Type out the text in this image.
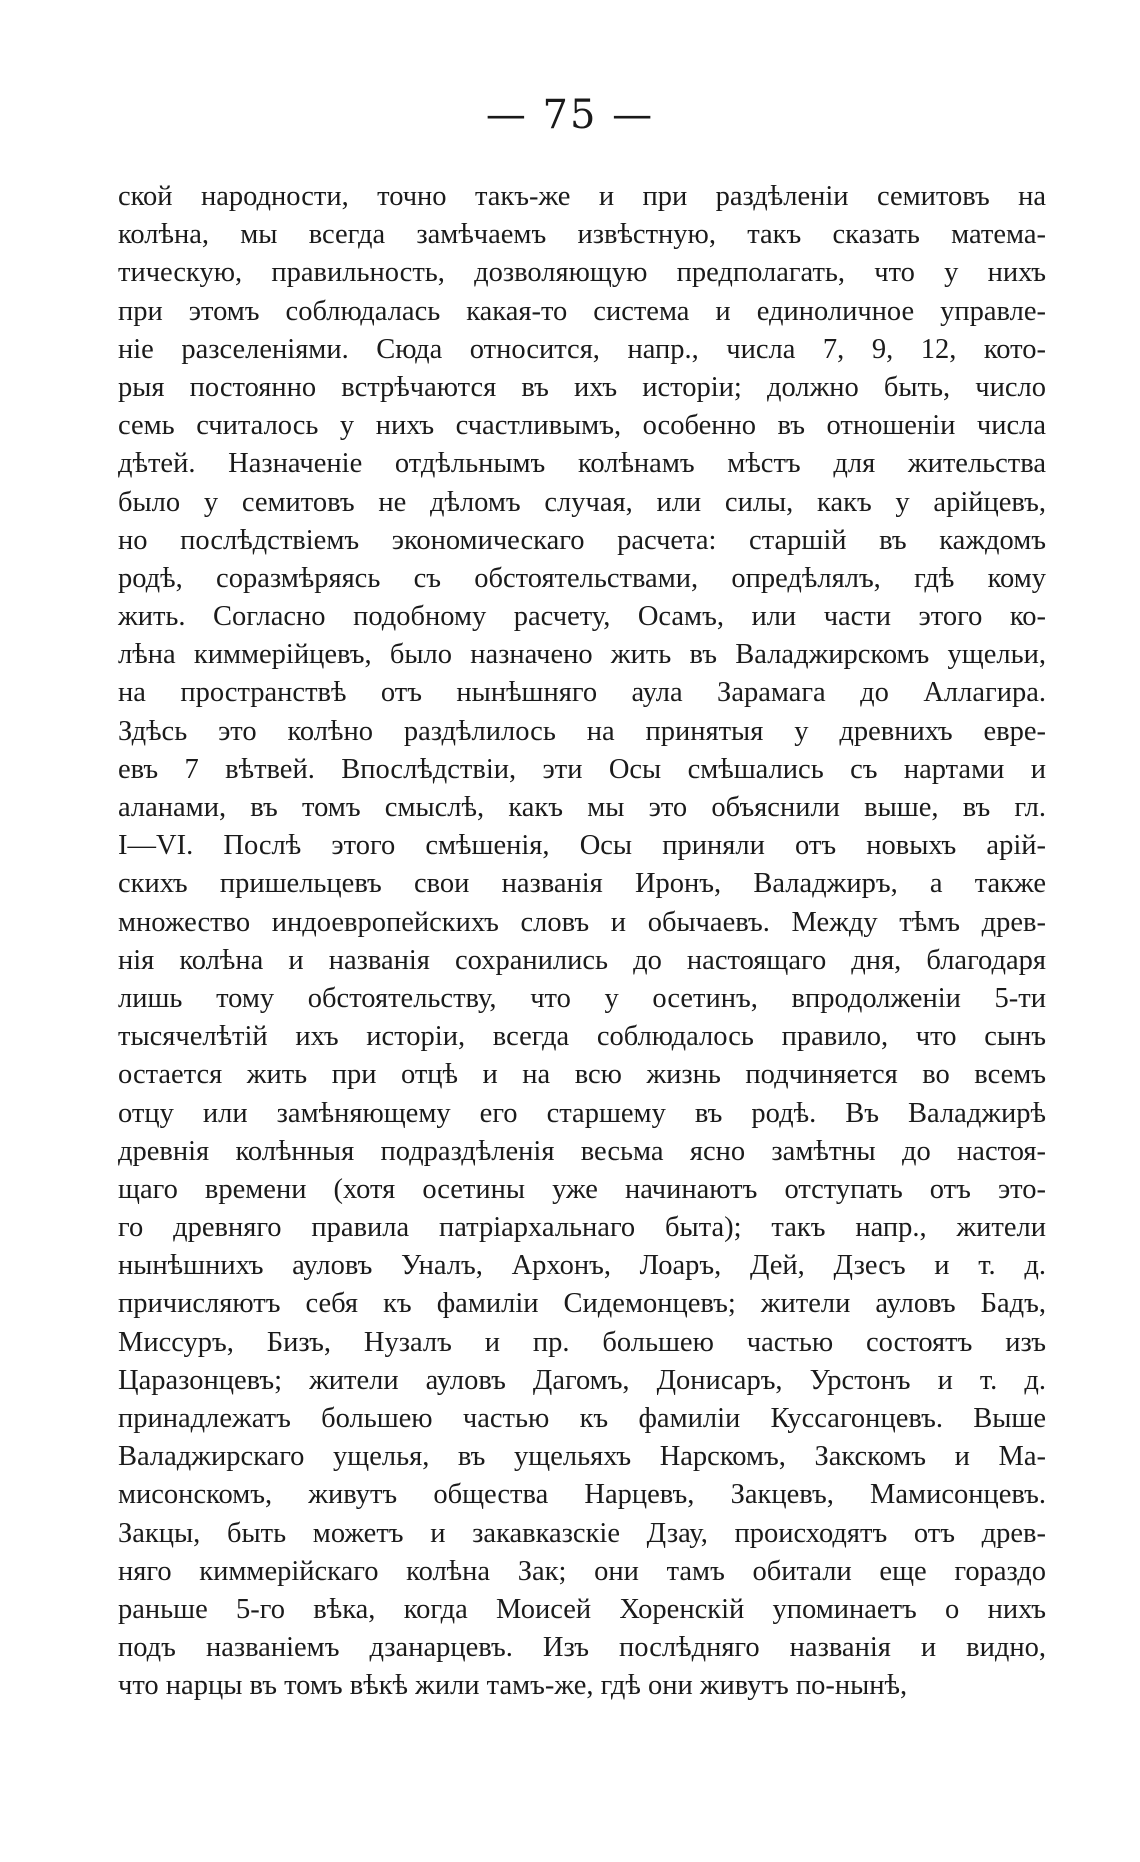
— 75 —
ской народности, точно такъ-же и при раздѣленіи семитовъ на
колѣна, мы всегда замѣчаемъ извѣстную, такъ сказать матема-
тическую, правильность, дозволяющую предполагать, что у нихъ
при этомъ соблюдалась какая-то система и единоличное управле-
ніе разселеніями. Сюда относится, напр., числа 7, 9, 12, кото-
рыя постоянно встрѣчаются въ ихъ исторіи; должно быть, число
семь считалось у нихъ счастливымъ, особенно въ отношеніи числа
дѣтей. Назначеніе отдѣльнымъ колѣнамъ мѣстъ для жительства
было у семитовъ не дѣломъ случая, или силы, какъ у арійцевъ,
но послѣдствіемъ экономическаго расчета: старшій въ каждомъ
родѣ, соразмѣряясь съ обстоятельствами, опредѣлялъ, гдѣ кому
жить. Согласно подобному расчету, Осамъ, или части этого ко-
лѣна киммерійцевъ, было назначено жить въ Валаджирскомъ ущельи,
на пространствѣ отъ нынѣшняго аула Зарамага до Аллагира.
Здѣсь это колѣно раздѣлилось на принятыя у древнихъ евре-
евъ 7 вѣтвей. Впослѣдствіи, эти Осы смѣшались съ нартами и
аланами, въ томъ смыслѣ, какъ мы это объяснили выше, въ гл.
I—VI. Послѣ этого смѣшенія, Осы приняли отъ новыхъ арій-
скихъ пришельцевъ свои названія Иронъ, Валаджиръ, а также
множество индоевропейскихъ словъ и обычаевъ. Между тѣмъ древ-
нія колѣна и названія сохранились до настоящаго дня, благодаря
лишь тому обстоятельству, что у осетинъ, впродолженіи 5-ти
тысячелѣтій ихъ исторіи, всегда соблюдалось правило, что сынъ
остается жить при отцѣ и на всю жизнь подчиняется во всемъ
отцу или замѣняющему его старшему въ родѣ. Въ Валаджирѣ
древнія колѣнныя подраздѣленія весьма ясно замѣтны до настоя-
щаго времени (хотя осетины уже начинаютъ отступать отъ это-
го древняго правила патріархальнаго быта); такъ напр., жители
нынѣшнихъ ауловъ Уналъ, Архонъ, Лоаръ, Дей, Дзесъ и т. д.
причисляютъ себя къ фамиліи Сидемонцевъ; жители ауловъ Бадъ,
Миссуръ, Бизъ, Нузалъ и пр. большею частью состоятъ изъ
Царазонцевъ; жители ауловъ Дагомъ, Донисаръ, Урстонъ и т. д.
принадлежатъ большею частью къ фамиліи Куссагонцевъ. Выше
Валаджирскаго ущелья, въ ущельяхъ Нарскомъ, Закскомъ и Ма-
мисонскомъ, живутъ общества Нарцевъ, Закцевъ, Мамисонцевъ.
Закцы, быть можетъ и закавказскіе Дзау, происходятъ отъ древ-
няго киммерійскаго колѣна Зак; они тамъ обитали еще гораздо
раньше 5-го вѣка, когда Моисей Хоренскій упоминаетъ о нихъ
подъ названіемъ дзанарцевъ. Изъ послѣдняго названія и видно,
что нарцы въ томъ вѣкѣ жили тамъ-же, гдѣ они живутъ по-нынѣ,
